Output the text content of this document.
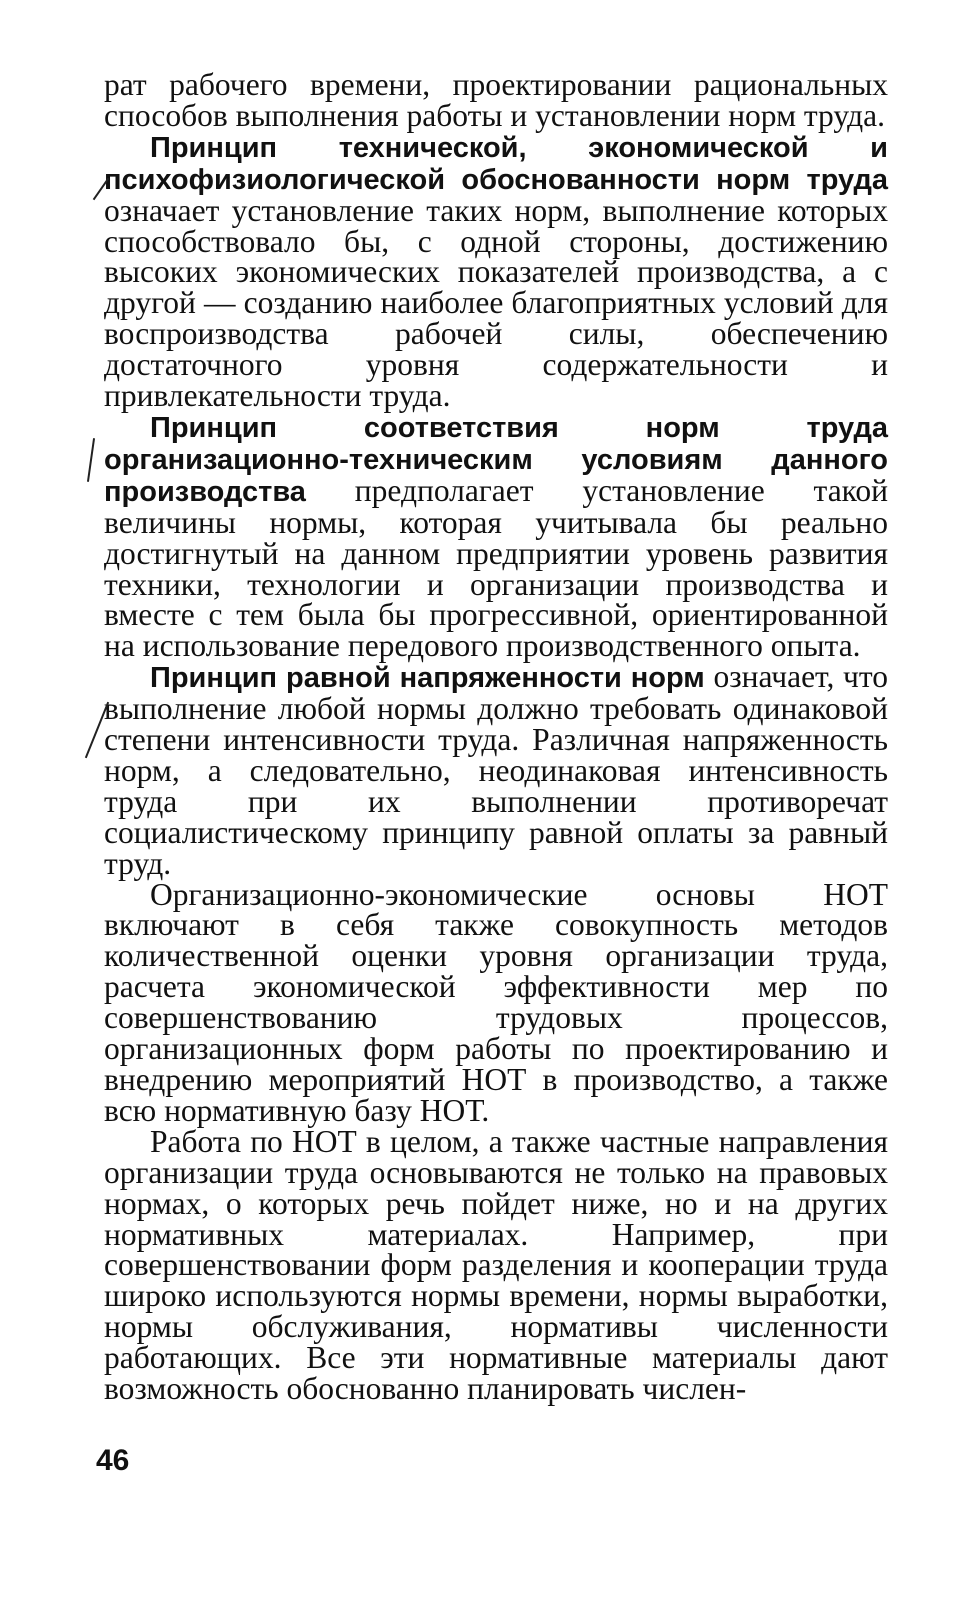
рат рабочего времени, проектировании рациональных способов выполнения работы и установлении норм труда.

Принцип технической, экономической и психофизиологической обоснованности норм труда означает установление таких норм, выполнение которых способствовало бы, с одной стороны, достижению высоких экономических показателей производства, а с другой — созданию наиболее благоприятных условий для воспроизводства рабочей силы, обеспечению достаточного уровня содержательности и привлекательности труда.

Принцип соответствия норм труда организационно-техническим условиям данного производства предполагает установление такой величины нормы, которая учитывала бы реально достигнутый на данном предприятии уровень развития техники, технологии и организации производства и вместе с тем была бы прогрессивной, ориентированной на использование передового производственного опыта.

Принцип равной напряженности норм означает, что выполнение любой нормы должно требовать одинаковой степени интенсивности труда. Различная напряженность норм, а следовательно, неодинаковая интенсивность труда при их выполнении противоречат социалистическому принципу равной оплаты за равный труд.

Организационно-экономические основы НОТ включают в себя также совокупность методов количественной оценки уровня организации труда, расчета экономической эффективности мер по совершенствованию трудовых процессов, организационных форм работы по проектированию и внедрению мероприятий НОТ в производство, а также всю нормативную базу НОТ.

Работа по НОТ в целом, а также частные направления организации труда основываются не только на правовых нормах, о которых речь пойдет ниже, но и на других нормативных материалах. Например, при совершенствовании форм разделения и кооперации труда широко используются нормы времени, нормы выработки, нормы обслуживания, нормативы численности работающих. Все эти нормативные материалы дают возможность обоснованно планировать числен-

46
